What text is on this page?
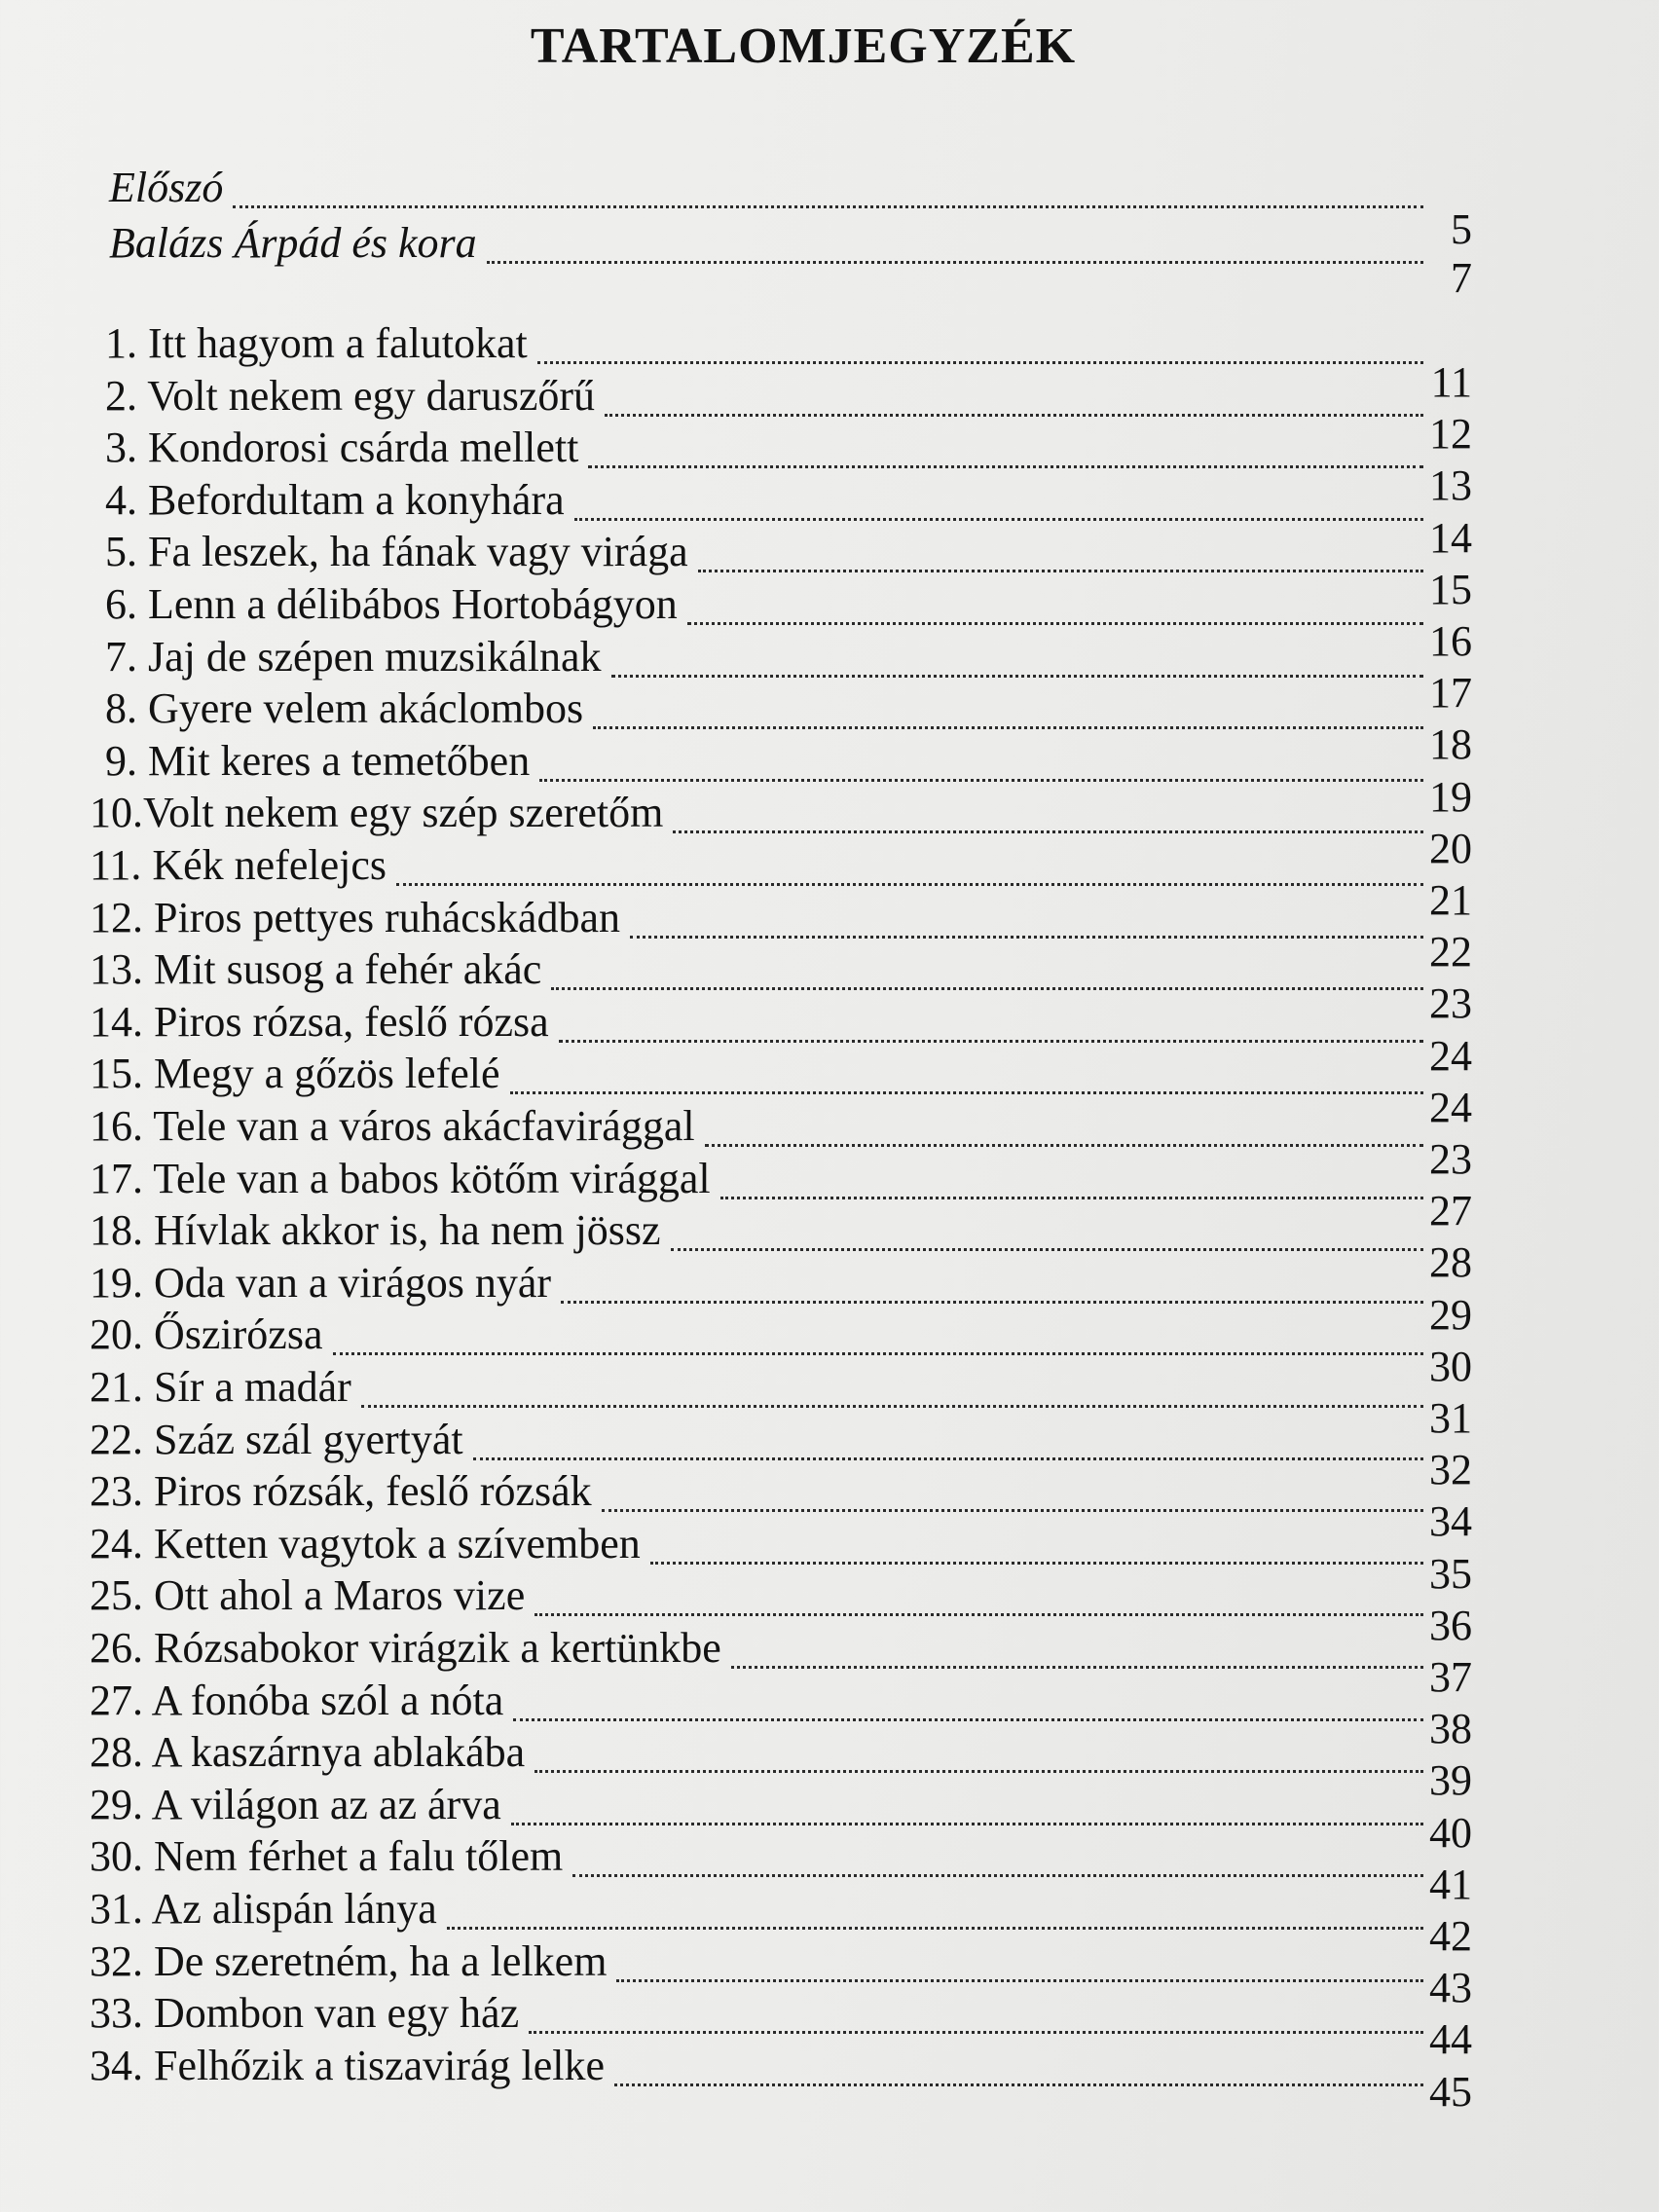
TARTALOMJEGYZÉK
Előszó
Balázs Árpád és kora	5
7
1. Itt hagyom a falutokat
11
2. Volt nekem egy daruszőrű
12
3. Kondorosi csárda mellett
13
4. Befordultam a konyhára
14
5. Fa leszek, ha fának vagy virága
15
6. Lenn a délibábos Hortobágyon
16
7. Jaj de szépen muzsikálnak
17
8. Gyere velem akáclombos
18
9. Mit keres a temetőben
19
10.Volt nekem egy szép szeretőm
20
11. Kék nefelejcs
21
12. Piros pettyes ruhácskádban
22
13. Mit susog a fehér akác
23
14. Piros rózsa, feslő rózsa
24
15. Megy a gőzös lefelé
24
16. Tele van a város akácfavirággal
23
17. Tele van a babos kötőm virággal
27
18. Hívlak akkor is, ha nem jössz
28
19. Oda van a virágos nyár
29
20. Őszirózsa
30
21. Sír a madár
31
22. Száz szál gyertyát
32
23. Piros rózsák, feslő rózsák
34
24. Ketten vagytok a szívemben
35
25. Ott ahol a Maros vize
36
26. Rózsabokor virágzik a kertünkbe
37
27. A fonóba szól a nóta
38
28. A kaszárnya ablakába
39
29. A világon az az árva
40
30. Nem férhet a falu tőlem
41
31. Az alispán lánya
42
32. De szeretném, ha a lelkem
43
33. Dombon van egy ház
44
34. Felhőzik a tiszavirág lelke
45
